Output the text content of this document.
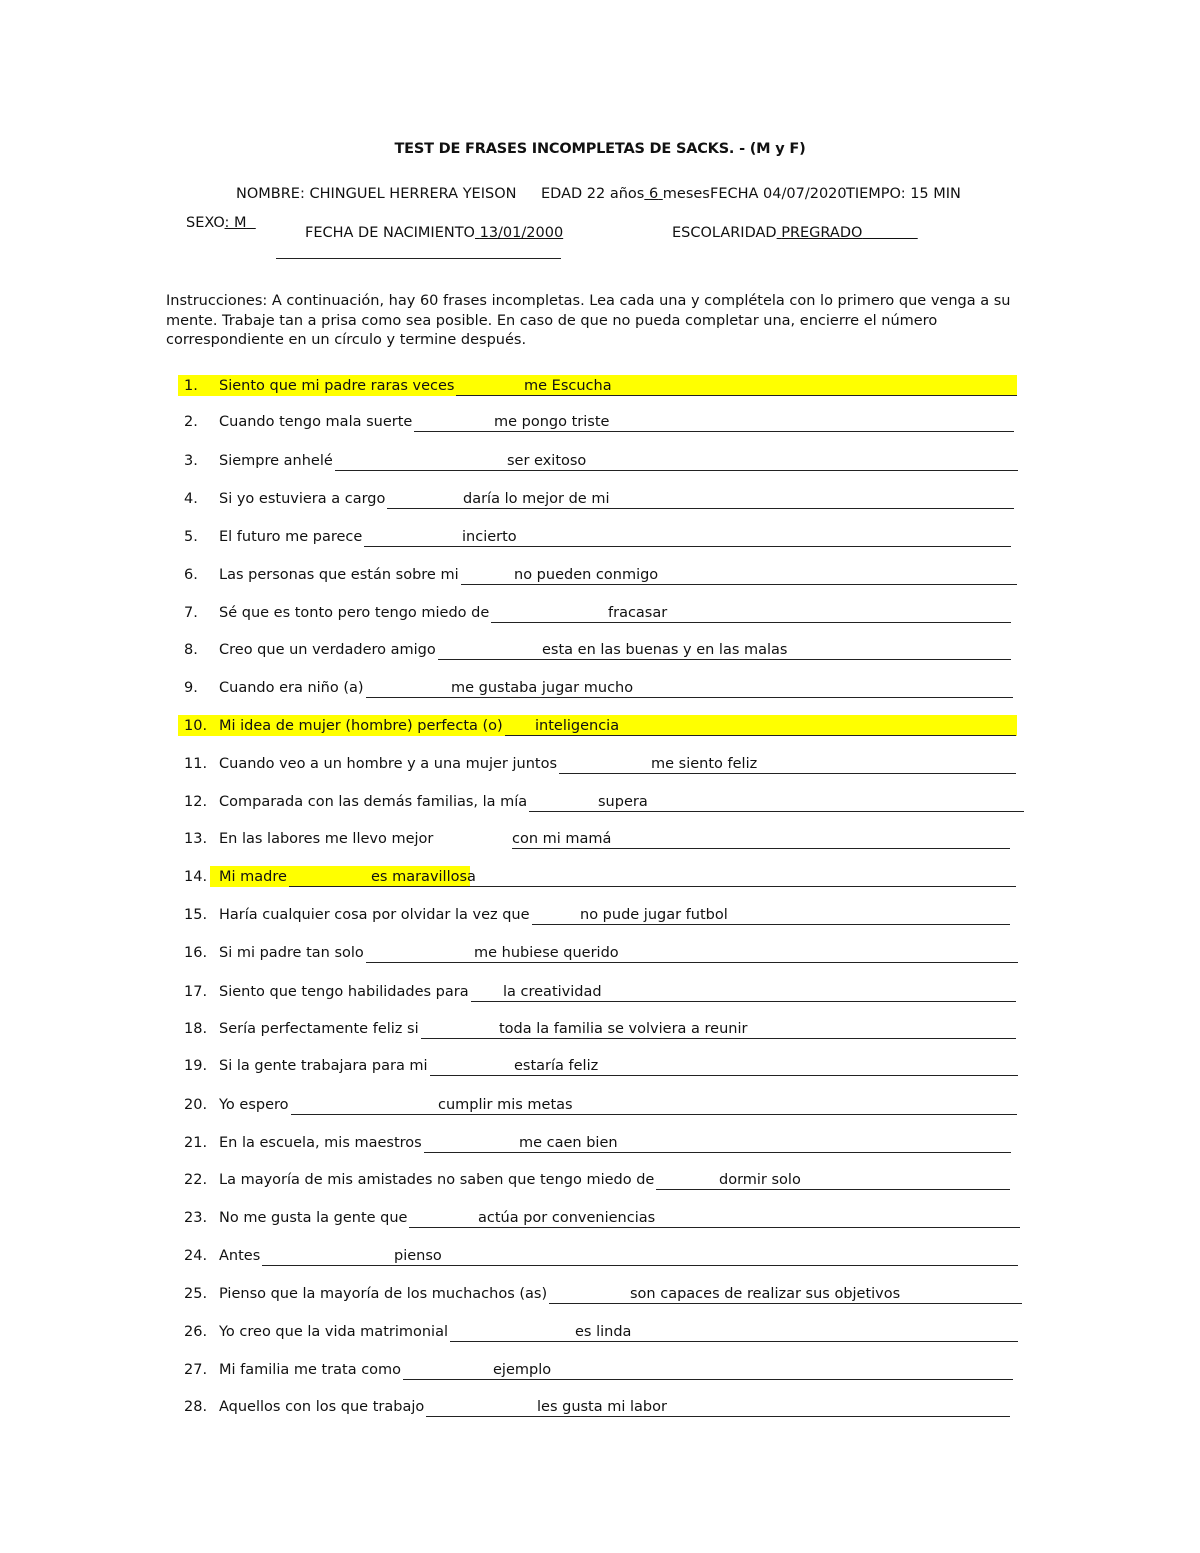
TEST DE FRASES INCOMPLETAS DE SACKS. - (M y F)
NOMBRE: CHINGUEL HERRERA YEISON EDAD 22 años 6 meses FECHA 04/07/2020 TIEMPO: 15 MIN
SEXO: M
FECHA DE NACIMIENTO 13/01/2000	ESCOLARIDAD PREGRADO
Instrucciones: A continuación, hay 60 frases incompletas. Lea cada una y complétela con lo primero que venga a su mente. Trabaje tan a prisa como sea posible. En caso de que no pueda completar una, encierre el número correspondiente en un círculo y termine después.
1. Siento que mi padre raras veces	me Escucha
2. Cuando tengo mala suerte	me pongo triste
3. Siempre anhelé	ser exitoso
4. Si yo estuviera a cargo	daría lo mejor de mi
5. El futuro me parece	incierto
6. Las personas que están sobre mi	no pueden conmigo
7. Sé que es tonto pero tengo miedo de	fracasar
8. Creo que un verdadero amigo	esta en las buenas y en las malas
9. Cuando era niño (a)	me gustaba jugar mucho
10. Mi idea de mujer (hombre) perfecta (o) inteligencia
11. Cuando veo a un hombre y a una mujer juntos	me siento feliz
12. Comparada con las demás familias, la mía	supera
13. En las labores me llevo mejor	con mi mamá
14. Mi madre	es maravillosa
15. Haría cualquier cosa por olvidar la vez que	no pude jugar futbol
16. Si mi padre tan solo	me hubiese querido
17. Siento que tengo habilidades para la creatividad
18. Sería perfectamente feliz si	toda la familia se volviera a reunir
19. Si la gente trabajara para mi	estaría feliz
20. Yo espero	cumplir mis metas
21. En la escuela, mis maestros	me caen bien
22. La mayoría de mis amistades no saben que tengo miedo de	dormir solo
23. No me gusta la gente que	actúa por conveniencias
24. Antes	pienso
25. Pienso que la mayoría de los muchachos (as)	son capaces de realizar sus objetivos
26. Yo creo que la vida matrimonial	es linda
27. Mi familia me trata como	ejemplo
28. Aquellos con los que trabajo	les gusta mi labor
